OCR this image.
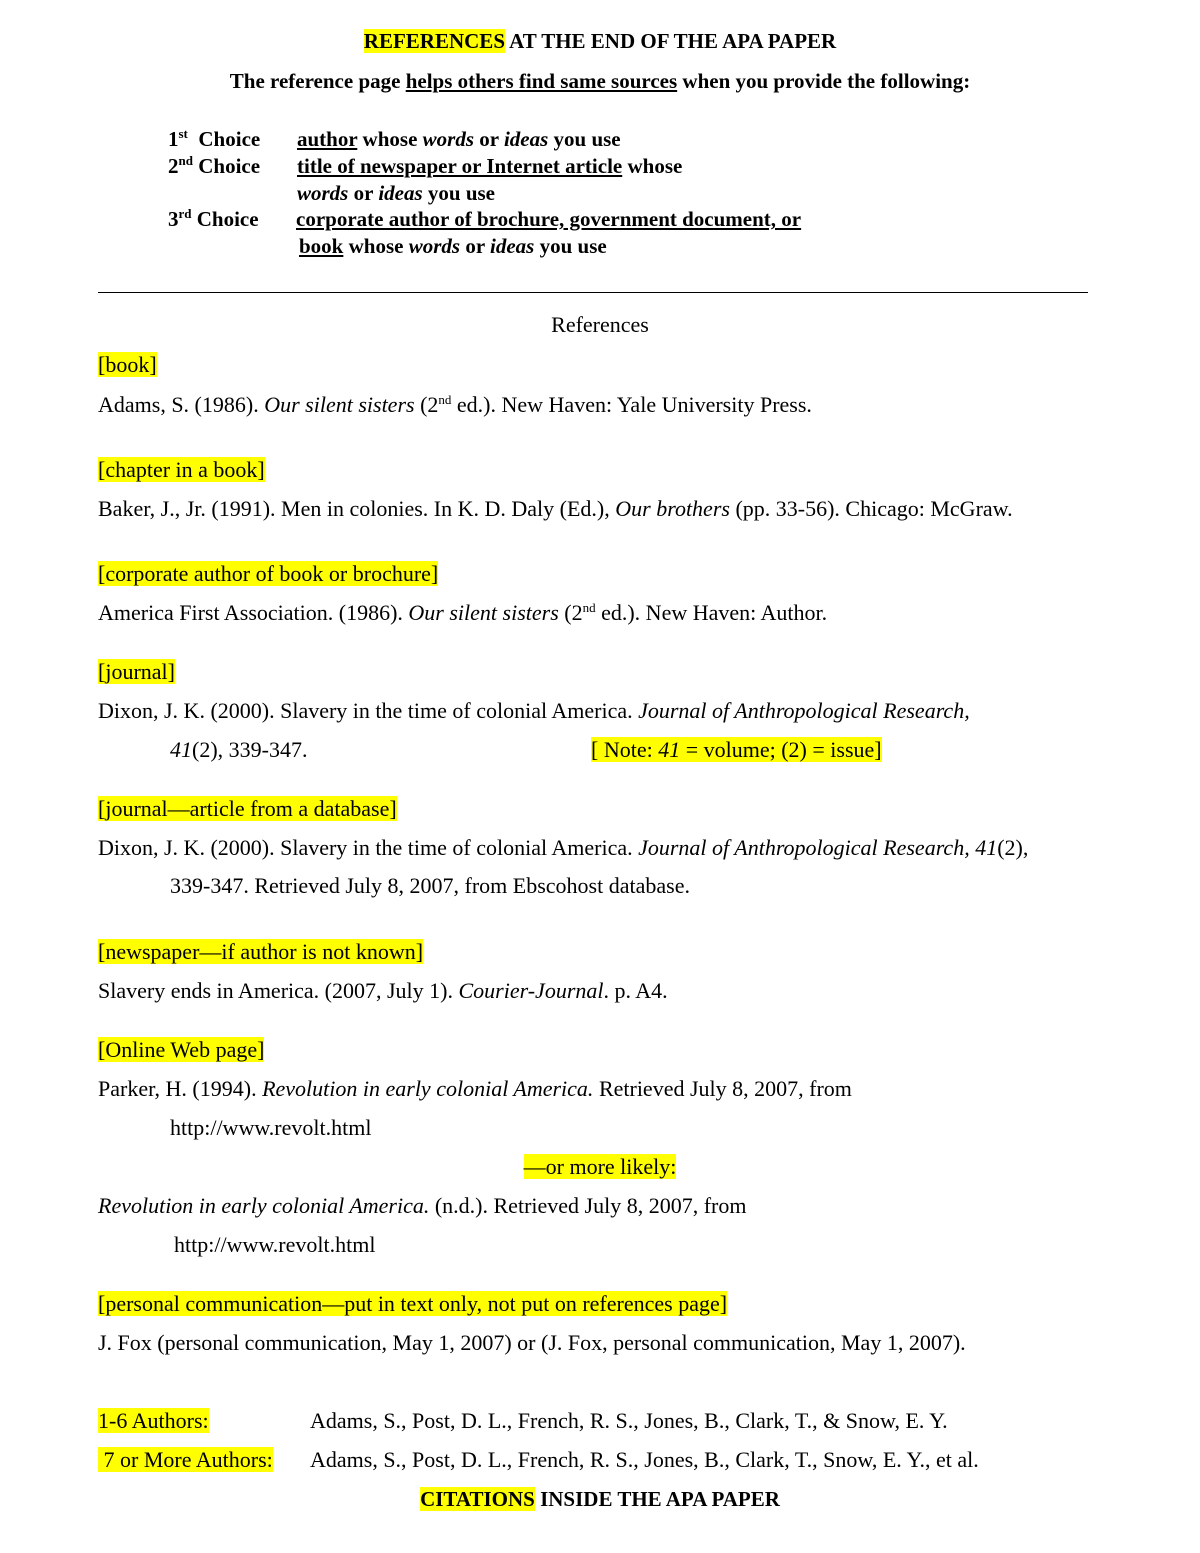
REFERENCES AT THE END OF THE APA PAPER
The reference page helps others find same sources when you provide the following:
1st Choice author whose words or ideas you use
2nd Choice title of newspaper or Internet article whose
words or ideas you use
3rd Choice corporate author of brochure, government document, or
book whose words or ideas you use
References
[book]
Adams, S. (1986). Our silent sisters (2nd ed.). New Haven: Yale University Press.
[chapter in a book]
Baker, J., Jr. (1991). Men in colonies. In K. D. Daly (Ed.), Our brothers (pp. 33-56). Chicago: McGraw.
[corporate author of book or brochure]
America First Association. (1986). Our silent sisters (2nd ed.). New Haven: Author.
[journal]
Dixon, J. K. (2000). Slavery in the time of colonial America. Journal of Anthropological Research,
41(2), 339-347.	[ Note: 41 = volume; (2) = issue]
[journal—article from a database]
Dixon, J. K. (2000). Slavery in the time of colonial America. Journal of Anthropological Research, 41(2),
339-347. Retrieved July 8, 2007, from Ebscohost database.
[newspaper—if author is not known]
Slavery ends in America. (2007, July 1). Courier-Journal. p. A4.
[Online Web page]
Parker, H. (1994). Revolution in early colonial America. Retrieved July 8, 2007, from
http://www.revolt.html
—or more likely:
Revolution in early colonial America. (n.d.). Retrieved July 8, 2007, from
http://www.revolt.html
[personal communication—put in text only, not put on references page]
J. Fox (personal communication, May 1, 2007) or (J. Fox, personal communication, May 1, 2007).
1-6 Authors:	Adams, S., Post, D. L., French, R. S., Jones, B., Clark, T., & Snow, E. Y.
7 or More Authors: Adams, S., Post, D. L., French, R. S., Jones, B., Clark, T., Snow, E. Y., et al.
CITATIONS INSIDE THE APA PAPER
